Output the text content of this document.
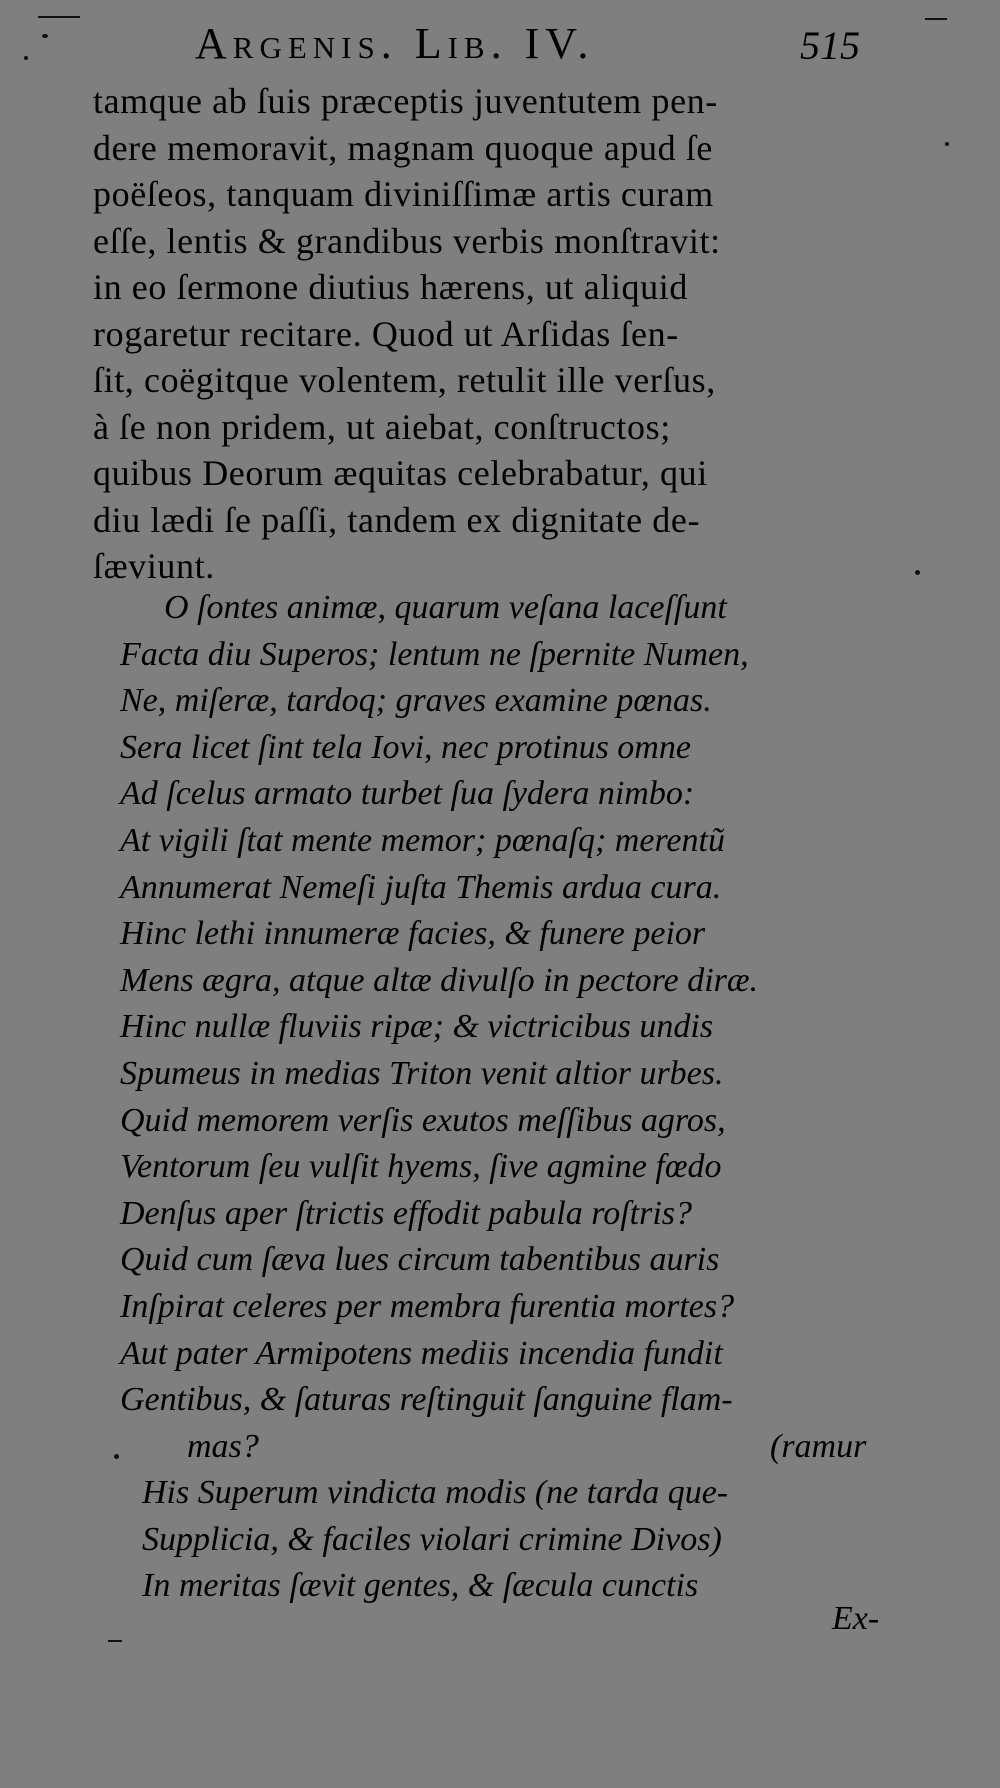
Argenis. Lib. IV.	515
tamque ab ſuis præceptis juventutem pen-
dere memoravit, magnam quoque apud ſe
poëſeos, tanquam diviniſſimæ artis curam
eſſe, lentis & grandibus verbis monſtravit:
in eo ſermone diutius hærens, ut aliquid
rogaretur recitare. Quod ut Arſidas ſen-
ſit, coëgitque volentem, retulit ille verſus,
à ſe non pridem, ut aiebat, conſtructos;
quibus Deorum æquitas celebrabatur, qui
diu lædi ſe paſſi, tandem ex dignitate de-
ſæviunt.
O ſontes animæ, quarum veſana laceſſunt
Facta diu Superos; lentum ne ſpernite Numen,
Ne, miſeræ, tardoq; graves examine pœnas.
Sera licet ſint tela Iovi, nec protinus omne
Ad ſcelus armato turbet ſua ſydera nimbo:
At vigili ſtat mente memor; pœnaſq; merentũ
Annumerat Nemeſi juſta Themis ardua cura.
Hinc lethi innumeræ facies, & funere peior
Mens ægra, atque altæ divulſo in pectore diræ.
Hinc nullæ fluviis ripæ; & victricibus undis
Spumeus in medias Triton venit altior urbes.
Quid memorem verſis exutos meſſibus agros,
Ventorum ſeu vulſit hyems, ſive agmine fœdo
Denſus aper ſtrictis effodit pabula roſtris?
Quid cum ſæva lues circum tabentibus auris
Inſpirat celeres per membra furentia mortes?
Aut pater Armipotens mediis incendia fundit
Gentibus, & ſaturas reſtinguit ſanguine flam-
mas?	(ramur
His Superum vindicta modis (ne tarda que-
Supplicia, & faciles violari crimine Divos)
In meritas ſævit gentes, & ſæcula cunctis
Ex-
